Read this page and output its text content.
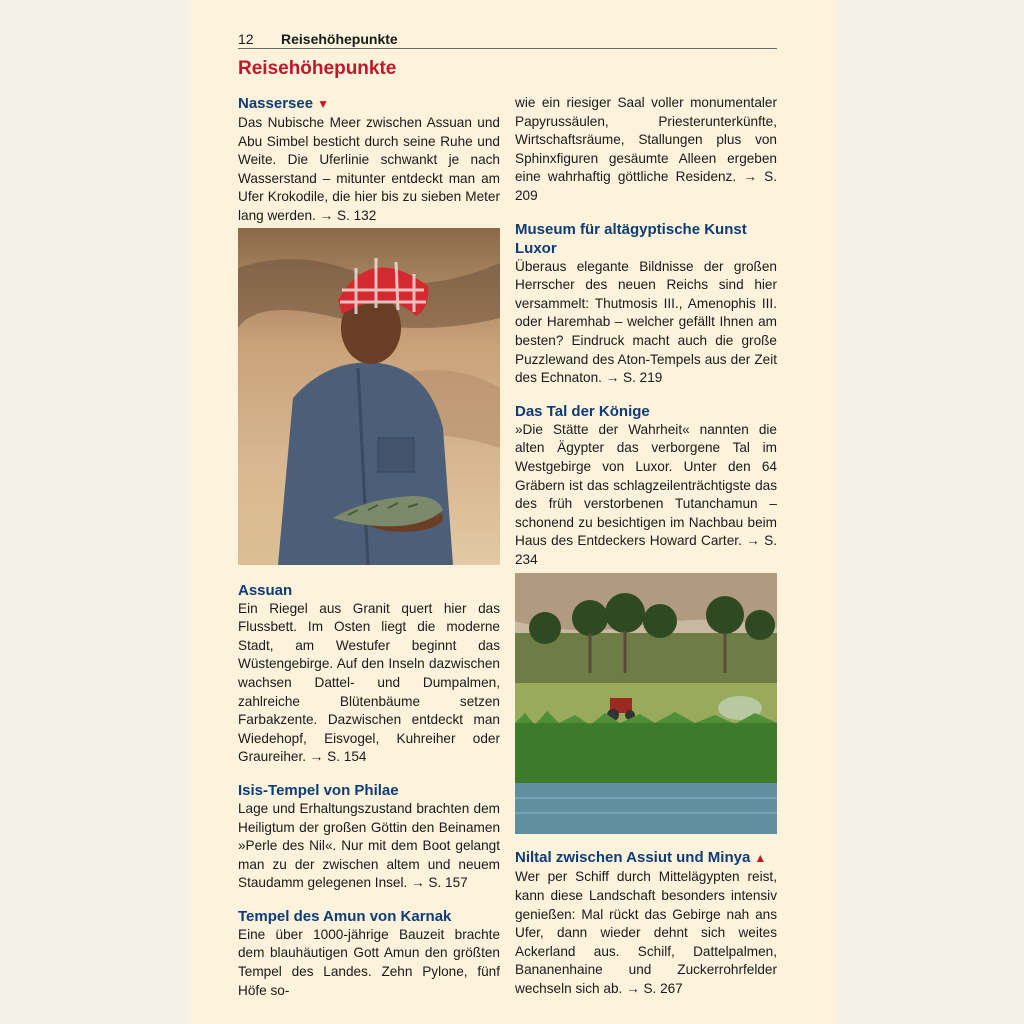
12 Reisehöhepunkte
Reisehöhepunkte
Nassersee ▼

Das Nubische Meer zwischen Assuan und Abu Simbel besticht durch seine Ruhe und Weite. Die Uferlinie schwankt je nach Wasserstand – mitunter entdeckt man am Ufer Krokodile, die hier bis zu sieben Meter lang werden. → S. 132

Assuan

Ein Riegel aus Granit quert hier das Flussbett. Im Osten liegt die moderne Stadt, am Westufer beginnt das Wüstengebirge. Auf den Inseln dazwischen wachsen Dattel- und Dumpalmen, zahlreiche Blütenbäume setzen Farbakzente. Dazwischen entdeckt man Wiedehopf, Eisvogel, Kuhreiher oder Graureiher. → S. 154

Isis-Tempel von Philae

Lage und Erhaltungszustand brachten dem Heiligtum der großen Göttin den Beinamen »Perle des Nil«. Nur mit dem Boot gelangt man zu der zwischen altem und neuem Staudamm gelegenen Insel. → S. 157

Tempel des Amun von Karnak

Eine über 1000-jährige Bauzeit brachte dem blauhäutigen Gott Amun den größten Tempel des Landes. Zehn Pylone, fünf Höfe so-

wie ein riesiger Saal voller monumentaler Papyrussäulen, Priesterunterkünfte, Wirtschaftsräume, Stallungen plus von Sphinxfiguren gesäumte Alleen ergeben eine wahrhaftig göttliche Residenz. → S. 209

Museum für altägyptische Kunst Luxor

Überaus elegante Bildnisse der großen Herrscher des neuen Reichs sind hier versammelt: Thutmosis III., Amenophis III. oder Haremhab – welcher gefällt Ihnen am besten? Eindruck macht auch die große Puzzlewand des Aton-Tempels aus der Zeit des Echnaton. → S. 219

Das Tal der Könige

»Die Stätte der Wahrheit« nannten die alten Ägypter das verborgene Tal im Westgebirge von Luxor. Unter den 64 Gräbern ist das schlagzeilenträchtigste das des früh verstorbenen Tutanchamun – schonend zu besichtigen im Nachbau beim Haus des Entdeckers Howard Carter. → S. 234

Niltal zwischen Assiut und Minya ▲

Wer per Schiff durch Mittelägypten reist, kann diese Landschaft besonders intensiv genießen: Mal rückt das Gebirge nah ans Ufer, dann wieder dehnt sich weites Ackerland aus. Schilf, Dattelpalmen, Bananenhaine und Zuckerrohrfelder wechseln sich ab. → S. 267
